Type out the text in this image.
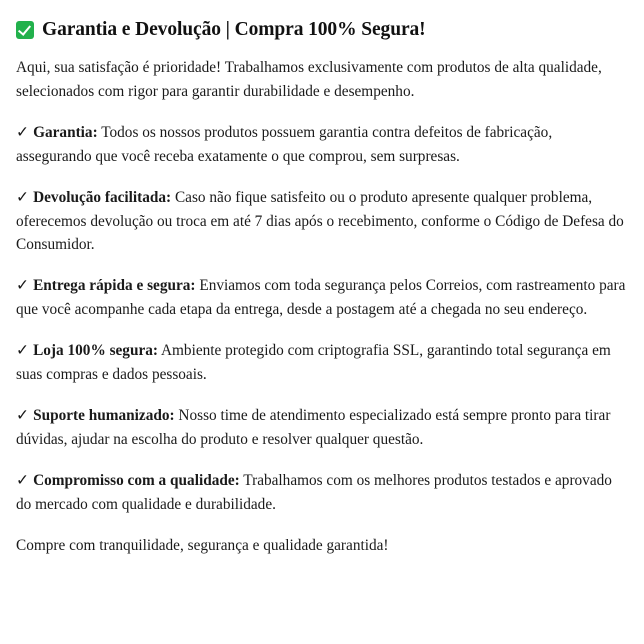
Garantia e Devolução | Compra 100% Segura!

Aqui, sua satisfação é prioridade! Trabalhamos exclusivamente com produtos de alta qualidade, selecionados com rigor para garantir durabilidade e desempenho.

✓ Garantia: Todos os nossos produtos possuem garantia contra defeitos de fabricação, assegurando que você receba exatamente o que comprou, sem surpresas.

✓ Devolução facilitada: Caso não fique satisfeito ou o produto apresente qualquer problema, oferecemos devolução ou troca em até 7 dias após o recebimento, conforme o Código de Defesa do Consumidor.

✓ Entrega rápida e segura: Enviamos com toda segurança pelos Correios, com rastreamento para que você acompanhe cada etapa da entrega, desde a postagem até a chegada no seu endereço.

✓ Loja 100% segura: Ambiente protegido com criptografia SSL, garantindo total segurança em suas compras e dados pessoais.

✓ Suporte humanizado: Nosso time de atendimento especializado está sempre pronto para tirar dúvidas, ajudar na escolha do produto e resolver qualquer questão.

✓ Compromisso com a qualidade: Trabalhamos com os melhores produtos testados e aprovado do mercado com qualidade e durabilidade.

Compre com tranquilidade, segurança e qualidade garantida!
